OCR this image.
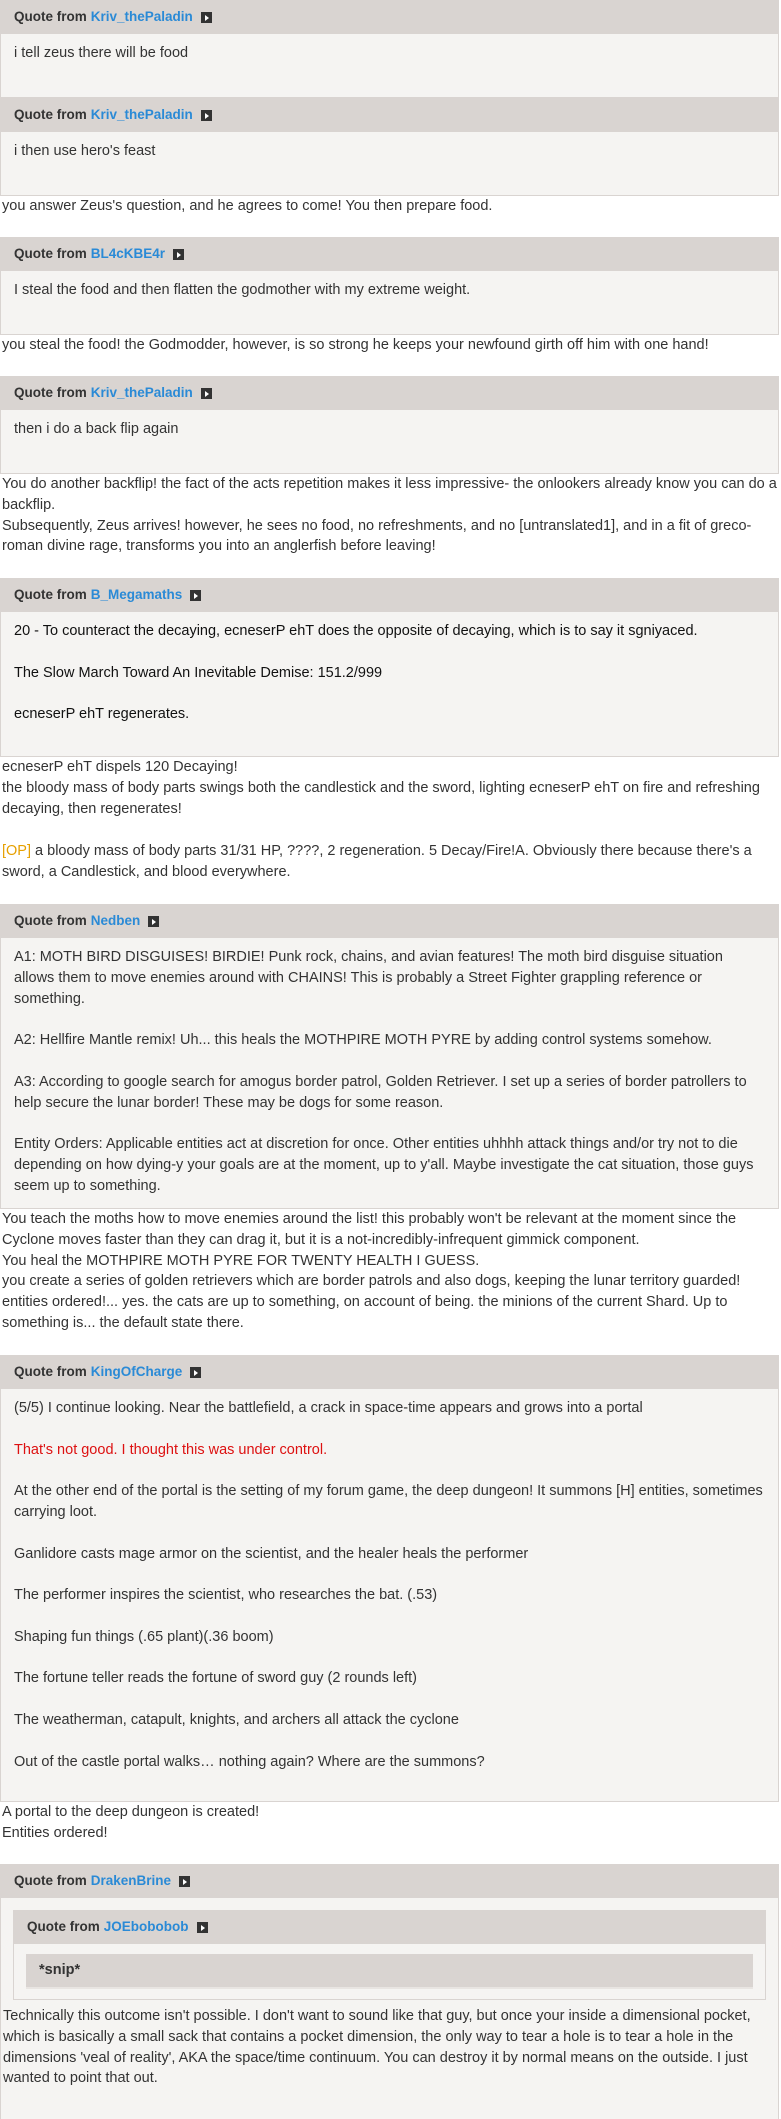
Quote from Kriv_thePaladin

i tell zeus there will be food

Quote from Kriv_thePaladin

i then use hero's feast

you answer Zeus's question, and he agrees to come! You then prepare food.

Quote from BL4cKBE4r

I steal the food and then flatten the godmother with my extreme weight.

you steal the food! the Godmodder, however, is so strong he keeps your newfound girth off him with one hand!

Quote from Kriv_thePaladin

then i do a back flip again

You do another backflip! the fact of the acts repetition makes it less impressive- the onlookers already know you can do a backflip.

Subsequently, Zeus arrives! however, he sees no food, no refreshments, and no [untranslated1], and in a fit of greco-roman divine rage, transforms you into an anglerfish before leaving!

Quote from B_Megamaths

20 - To counteract the decaying, ecneserP ehT does the opposite of decaying, which is to say it sgniyaced.

The Slow March Toward An Inevitable Demise: 151.2/999

ecneserP ehT regenerates.

ecneserP ehT dispels 120 Decaying!

the bloody mass of body parts swings both the candlestick and the sword, lighting ecneserP ehT on fire and refreshing decaying, then regenerates!

[OP] a bloody mass of body parts 31/31 HP, ????, 2 regeneration. 5 Decay/Fire!A. Obviously there because there's a sword, a Candlestick, and blood everywhere.

Quote from Nedben

A1: MOTH BIRD DISGUISES! BIRDIE! Punk rock, chains, and avian features! The moth bird disguise situation allows them to move enemies around with CHAINS! This is probably a Street Fighter grappling reference or something.

A2: Hellfire Mantle remix! Uh... this heals the MOTHPIRE MOTH PYRE by adding control systems somehow.

A3: According to google search for amogus border patrol, Golden Retriever. I set up a series of border patrollers to help secure the lunar border! These may be dogs for some reason.

Entity Orders: Applicable entities act at discretion for once. Other entities uhhhh attack things and/or try not to die depending on how dying-y your goals are at the moment, up to y'all. Maybe investigate the cat situation, those guys seem up to something.

You teach the moths how to move enemies around the list! this probably won't be relevant at the moment since the Cyclone moves faster than they can drag it, but it is a not-incredibly-infrequent gimmick component.

You heal the MOTHPIRE MOTH PYRE FOR TWENTY HEALTH I GUESS.

you create a series of golden retrievers which are border patrols and also dogs, keeping the lunar territory guarded!

entities ordered!... yes. the cats are up to something, on account of being. the minions of the current Shard. Up to something is... the default state there.

Quote from KingOfCharge

(5/5) I continue looking. Near the battlefield, a crack in space-time appears and grows into a portal

That's not good. I thought this was under control.

At the other end of the portal is the setting of my forum game, the deep dungeon! It summons [H] entities, sometimes carrying loot.

Ganlidore casts mage armor on the scientist, and the healer heals the performer

The performer inspires the scientist, who researches the bat. (.53)

Shaping fun things (.65 plant)(.36 boom)

The fortune teller reads the fortune of sword guy (2 rounds left)

The weatherman, catapult, knights, and archers all attack the cyclone

Out of the castle portal walks… nothing again? Where are the summons?

A portal to the deep dungeon is created!

Entities ordered!

Quote from DrakenBrine
Quote from JOEbobobob
*snip*

Technically this outcome isn't possible. I don't want to sound like that guy, but once your inside a dimensional pocket, which is basically a small sack that contains a pocket dimension, the only way to tear a hole is to tear a hole in the dimensions 'veal of reality', AKA the space/time continuum. You can destroy it by normal means on the outside. I just wanted to point that out.
